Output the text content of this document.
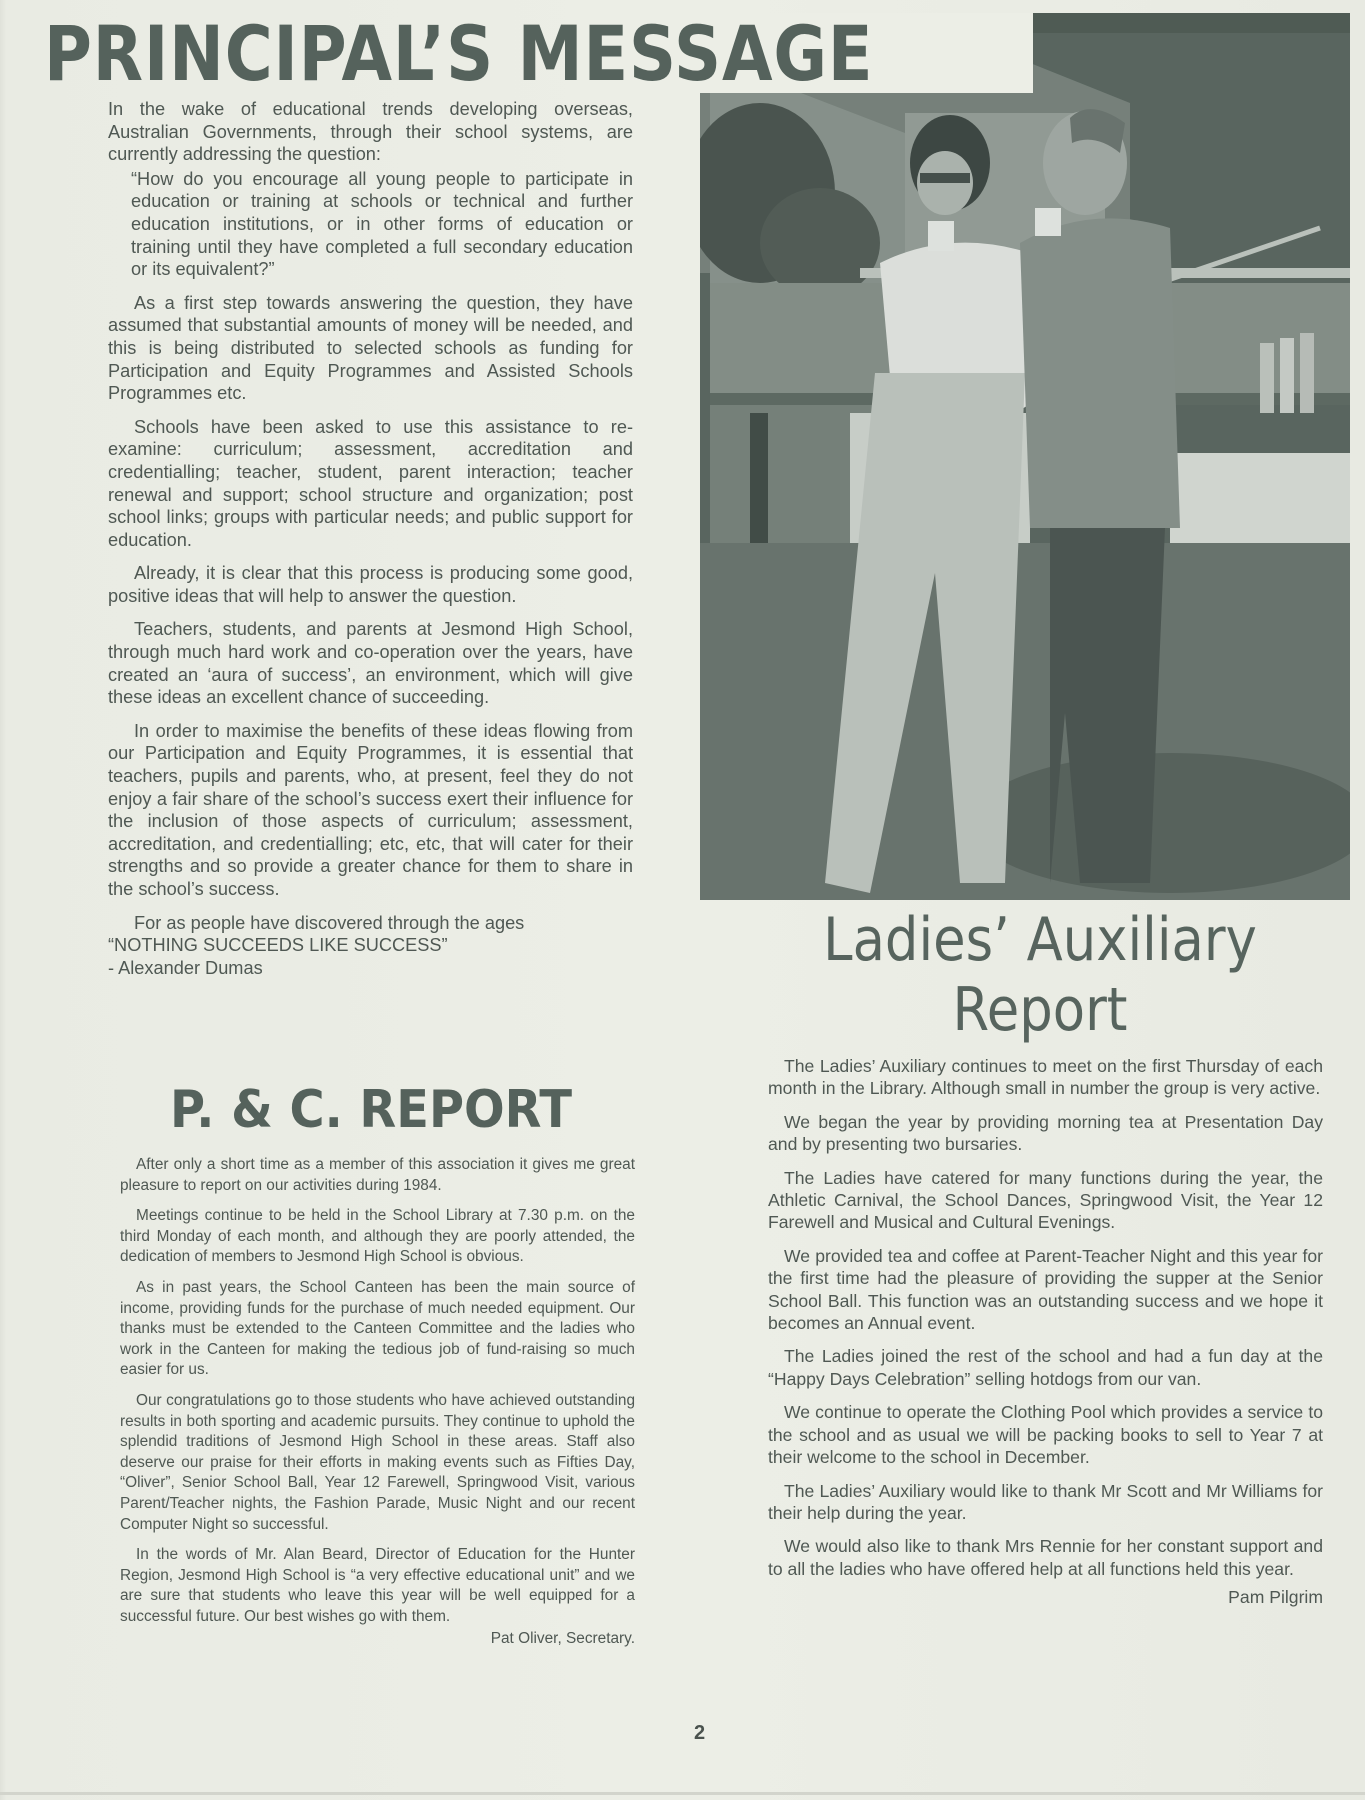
PRINCIPAL’S MESSAGE

In the wake of educational trends developing overseas, Australian Governments, through their school systems, are currently addressing the question:

“How do you encourage all young people to participate in education or training at schools or technical and further education institutions, or in other forms of education or training until they have completed a full secondary education or its equivalent?”

As a first step towards answering the question, they have assumed that substantial amounts of money will be needed, and this is being distributed to selected schools as funding for Participation and Equity Programmes and Assisted Schools Programmes etc.

Schools have been asked to use this assistance to re-examine: curriculum; assessment, accreditation and credentialling; teacher, student, parent interaction; teacher renewal and support; school structure and organization; post school links; groups with particular needs; and public support for education.

Already, it is clear that this process is producing some good, positive ideas that will help to answer the question.

Teachers, students, and parents at Jesmond High School, through much hard work and co-operation over the years, have created an ‘aura of success’, an environment, which will give these ideas an excellent chance of succeeding.

In order to maximise the benefits of these ideas flowing from our Participation and Equity Programmes, it is essential that teachers, pupils and parents, who, at present, feel they do not enjoy a fair share of the school’s success exert their influence for the inclusion of those aspects of curriculum; assessment, accreditation, and credentialling; etc, etc, that will cater for their strengths and so provide a greater chance for them to share in the school’s success.

For as people have discovered through the ages

“NOTHING SUCCEEDS LIKE SUCCESS”

- Alexander Dumas

P. & C. REPORT

After only a short time as a member of this association it gives me great pleasure to report on our activities during 1984.

Meetings continue to be held in the School Library at 7.30 p.m. on the third Monday of each month, and although they are poorly attended, the dedication of members to Jesmond High School is obvious.

As in past years, the School Canteen has been the main source of income, providing funds for the purchase of much needed equipment. Our thanks must be extended to the Canteen Committee and the ladies who work in the Canteen for making the tedious job of fund-raising so much easier for us.

Our congratulations go to those students who have achieved outstanding results in both sporting and academic pursuits. They continue to uphold the splendid traditions of Jesmond High School in these areas. Staff also deserve our praise for their efforts in making events such as Fifties Day, “Oliver”, Senior School Ball, Year 12 Farewell, Springwood Visit, various Parent/Teacher nights, the Fashion Parade, Music Night and our recent Computer Night so successful.

In the words of Mr. Alan Beard, Director of Education for the Hunter Region, Jesmond High School is “a very effective educational unit” and we are sure that students who leave this year will be well equipped for a successful future. Our best wishes go with them.

Pat Oliver, Secretary.
Ladies’ Auxiliary
Report

The Ladies’ Auxiliary continues to meet on the first Thursday of each month in the Library. Although small in number the group is very active.

We began the year by providing morning tea at Presentation Day and by presenting two bursaries.

The Ladies have catered for many functions during the year, the Athletic Carnival, the School Dances, Springwood Visit, the Year 12 Farewell and Musical and Cultural Evenings.

We provided tea and coffee at Parent-Teacher Night and this year for the first time had the pleasure of providing the supper at the Senior School Ball. This function was an outstanding success and we hope it becomes an Annual event.

The Ladies joined the rest of the school and had a fun day at the “Happy Days Celebration” selling hotdogs from our van.

We continue to operate the Clothing Pool which provides a service to the school and as usual we will be packing books to sell to Year 7 at their welcome to the school in December.

The Ladies’ Auxiliary would like to thank Mr Scott and Mr Williams for their help during the year.

We would also like to thank Mrs Rennie for her constant support and to all the ladies who have offered help at all functions held this year.

Pam Pilgrim
2
